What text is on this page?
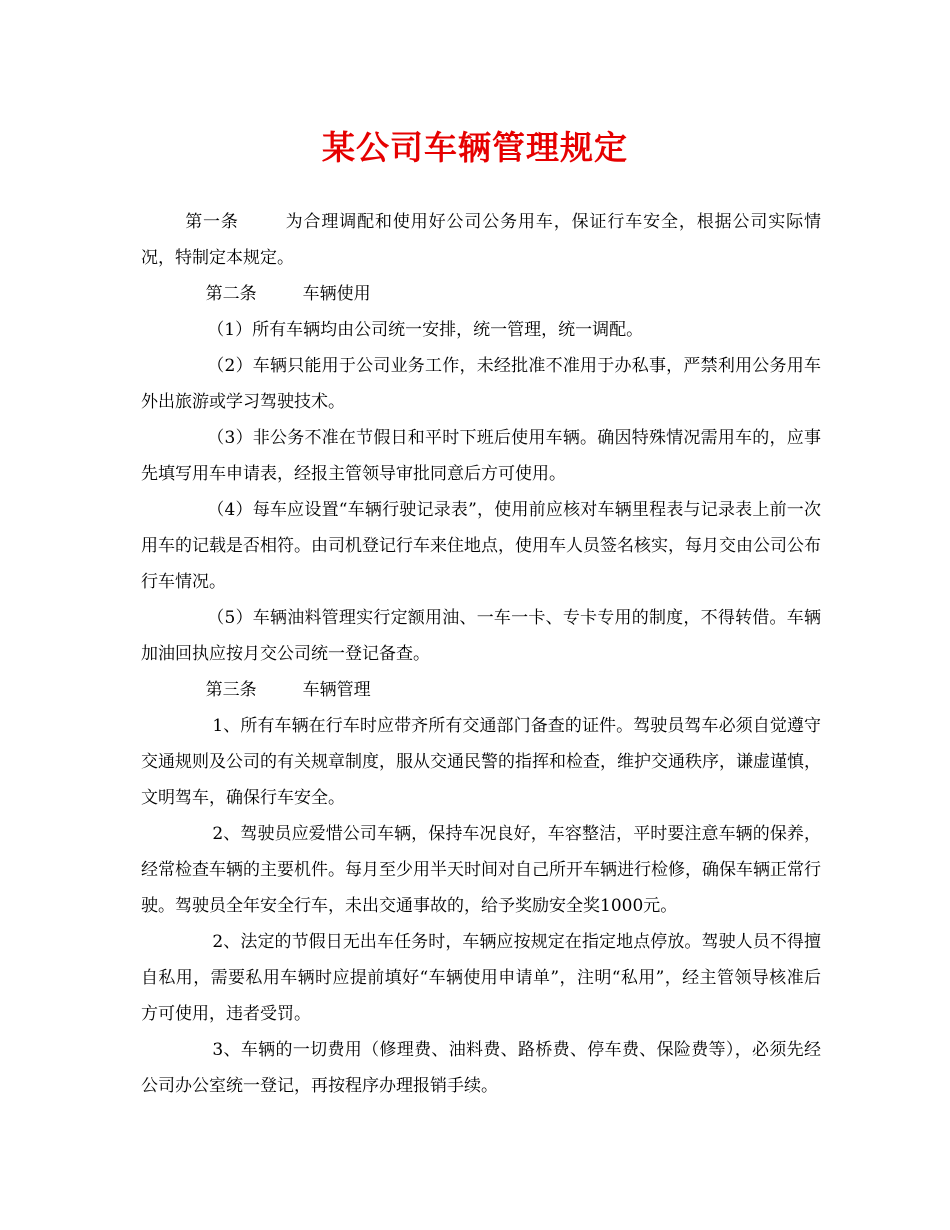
某公司车辆管理规定

第一条	为合理调配和使用好公司公务用车，保证行车安全，根据公司实际情况，特制定本规定。

第二条	车辆使用

（1）所有车辆均由公司统一安排，统一管理，统一调配。

（2）车辆只能用于公司业务工作，未经批准不准用于办私事，严禁利用公务用车外出旅游或学习驾驶技术。

（3）非公务不准在节假日和平时下班后使用车辆。确因特殊情况需用车的，应事先填写用车申请表，经报主管领导审批同意后方可使用。

（4）每车应设置“车辆行驶记录表”，使用前应核对车辆里程表与记录表上前一次用车的记载是否相符。由司机登记行车来住地点，使用车人员签名核实，每月交由公司公布行车情况。

（5）车辆油料管理实行定额用油、一车一卡、专卡专用的制度，不得转借。车辆加油回执应按月交公司统一登记备查。

第三条	车辆管理

1、所有车辆在行车时应带齐所有交通部门备查的证件。驾驶员驾车必须自觉遵守交通规则及公司的有关规章制度，服从交通民警的指挥和检查，维护交通秩序，谦虚谨慎，文明驾车，确保行车安全。

2、驾驶员应爱惜公司车辆，保持车况良好，车容整洁，平时要注意车辆的保养，经常检查车辆的主要机件。每月至少用半天时间对自己所开车辆进行检修，确保车辆正常行驶。驾驶员全年安全行车，未出交通事故的，给予奖励安全奖1000元。

2、法定的节假日无出车任务时，车辆应按规定在指定地点停放。驾驶人员不得擅自私用，需要私用车辆时应提前填好“车辆使用申请单”，注明“私用”，经主管领导核准后方可使用，违者受罚。

3、车辆的一切费用（修理费、油料费、路桥费、停车费、保险费等），必须先经公司办公室统一登记，再按程序办理报销手续。
